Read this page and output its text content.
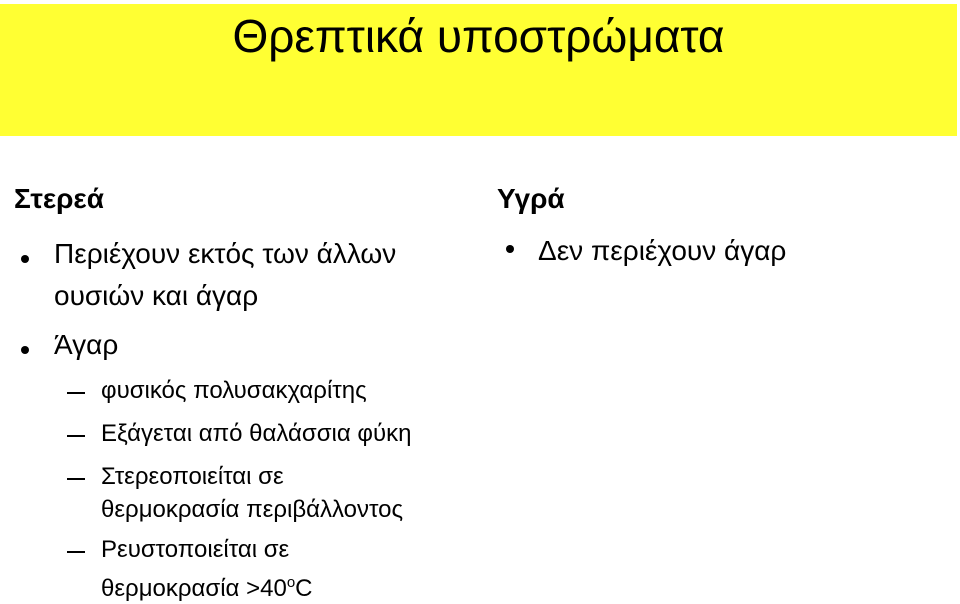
Θρεπτικά υποστρώματα
Στερεά
Περιέχουν εκτός των άλλων
ουσιών και άγαρ
Άγαρ
φυσικός πολυσακχαρίτης
Εξάγεται από θαλάσσια φύκη
Στερεοποιείται σε
θερμοκρασία περιβάλλοντος
Ρευστοποιείται σε
$\theta\varepsilon\rho\mu o\kappa\rho\alpha\sigma ί\alpha >40^oC$
Υγρά
Δεν περιέχουν άγαρ
